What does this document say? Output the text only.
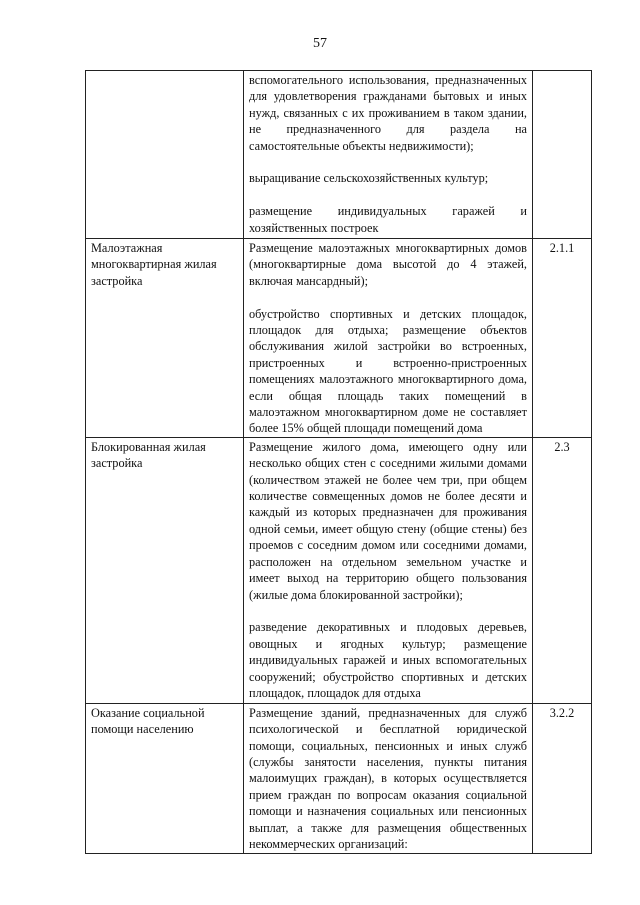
57

	вспомогательного использования, предназначенных для удовлетворения гражданами бытовых и иных нужд, связанных с их проживанием в таком здании, не предназначенного для раздела на самостоятельные объекты недвижимости);

выращивание сельскохозяйственных культур;

размещение индивидуальных гаражей и хозяйственных построек	

Малоэтажная многоквартирная жилая застройка	Размещение малоэтажных многоквартирных домов (многоквартирные дома высотой до 4 этажей, включая мансардный);

обустройство спортивных и детских площадок, площадок для отдыха; размещение объектов обслуживания жилой застройки во встроенных, пристроенных и встроенно-пристроенных помещениях малоэтажного многоквартирного дома, если общая площадь таких помещений в малоэтажном многоквартирном доме не составляет более 15% общей площади помещений дома	2.1.1
Блокированная жилая застройка	Размещение жилого дома, имеющего одну или несколько общих стен с соседними жилыми домами (количеством этажей не более чем три, при общем количестве совмещенных домов не более десяти и каждый из которых предназначен для проживания одной семьи, имеет общую стену (общие стены) без проемов с соседним домом или соседними домами, расположен на отдельном земельном участке и имеет выход на территорию общего пользования (жилые дома блокированной застройки);

разведение декоративных и плодовых деревьев, овощных и ягодных культур; размещение индивидуальных гаражей и иных вспомогательных сооружений; обустройство спортивных и детских площадок, площадок для отдыха	2.3
Оказание социальной помощи населению	Размещение зданий, предназначенных для служб психологической и бесплатной юридической помощи, социальных, пенсионных и иных служб (службы занятости населения, пункты питания малоимущих граждан), в которых осуществляется прием граждан по вопросам оказания социальной помощи и назначения социальных или пенсионных выплат, а также для размещения общественных некоммерческих организаций:	3.2.2
